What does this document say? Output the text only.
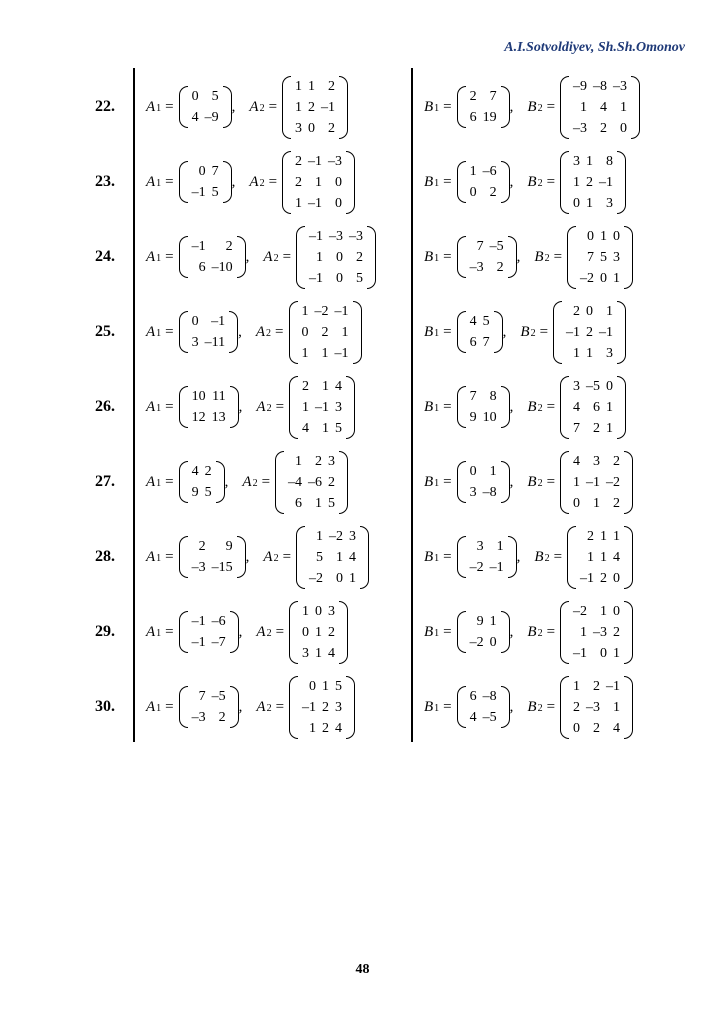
A.I.Sotvoldiyev, Sh.Sh.Omonov
22.	A 1 =
0	5
4	–9
, A 2 =
1	1	2
1	2	–1
3	0	2
B 1 =
2	7
6	19
, B 2 =
–9	–8	–3
1	4	1
–3	2	0
23.	A 1 =
0	7
–1	5
, A 2 =
2	–1	–3
2	1	0
1	–1	0
B 1 =
1	–6
0	2
, B 2 =
3	1	8
1	2	–1
0	1	3
24.	A 1 =
–1	2
6	–10
, A 2 =
–1	–3	–3
1	0	2
–1	0	5
B 1 =
7	–5
–3	2
, B 2 =
0	1	0
7	5	3
–2	0	1
25.	A 1 =
0	–1
3	–11
, A 2 =
1	–2	–1
0	2	1
1	1	–1
B 1 =
4	5
6	7
, B 2 =
2	0	1
–1	2	–1
1	1	3
26.	A 1 =
10	11
12	13
, A 2 =
2	1	4
1	–1	3
4	1	5
B 1 =
7	8
9	10
, B 2 =
3	–5	0
4	6	1
7	2	1
27.	A 1 =
4	2
9	5
, A 2 =
1	2	3
–4	–6	2
6	1	5
B 1 =
0	1
3	–8
, B 2 =
4	3	2
1	–1	–2
0	1	2
28.	A 1 =
2	9
–3	–15
, A 2 =
1	–2	3
5	1	4
–2	0	1
B 1 =
3	1
–2	–1
, B 2 =
2	1	1
1	1	4
–1	2	0
29.	A 1 =
–1	–6
–1	–7
, A 2 =
1	0	3
0	1	2
3	1	4
B 1 =
9	1
–2	0
, B 2 =
–2	1	0
1	–3	2
–1	0	1
30.	A 1 =
7	–5
–3	2
, A 2 =
0	1	5
–1	2	3
1	2	4
B 1 =
6	–8
4	–5
, B 2 =
1	2	–1
2	–3	1
0	2	4
48
